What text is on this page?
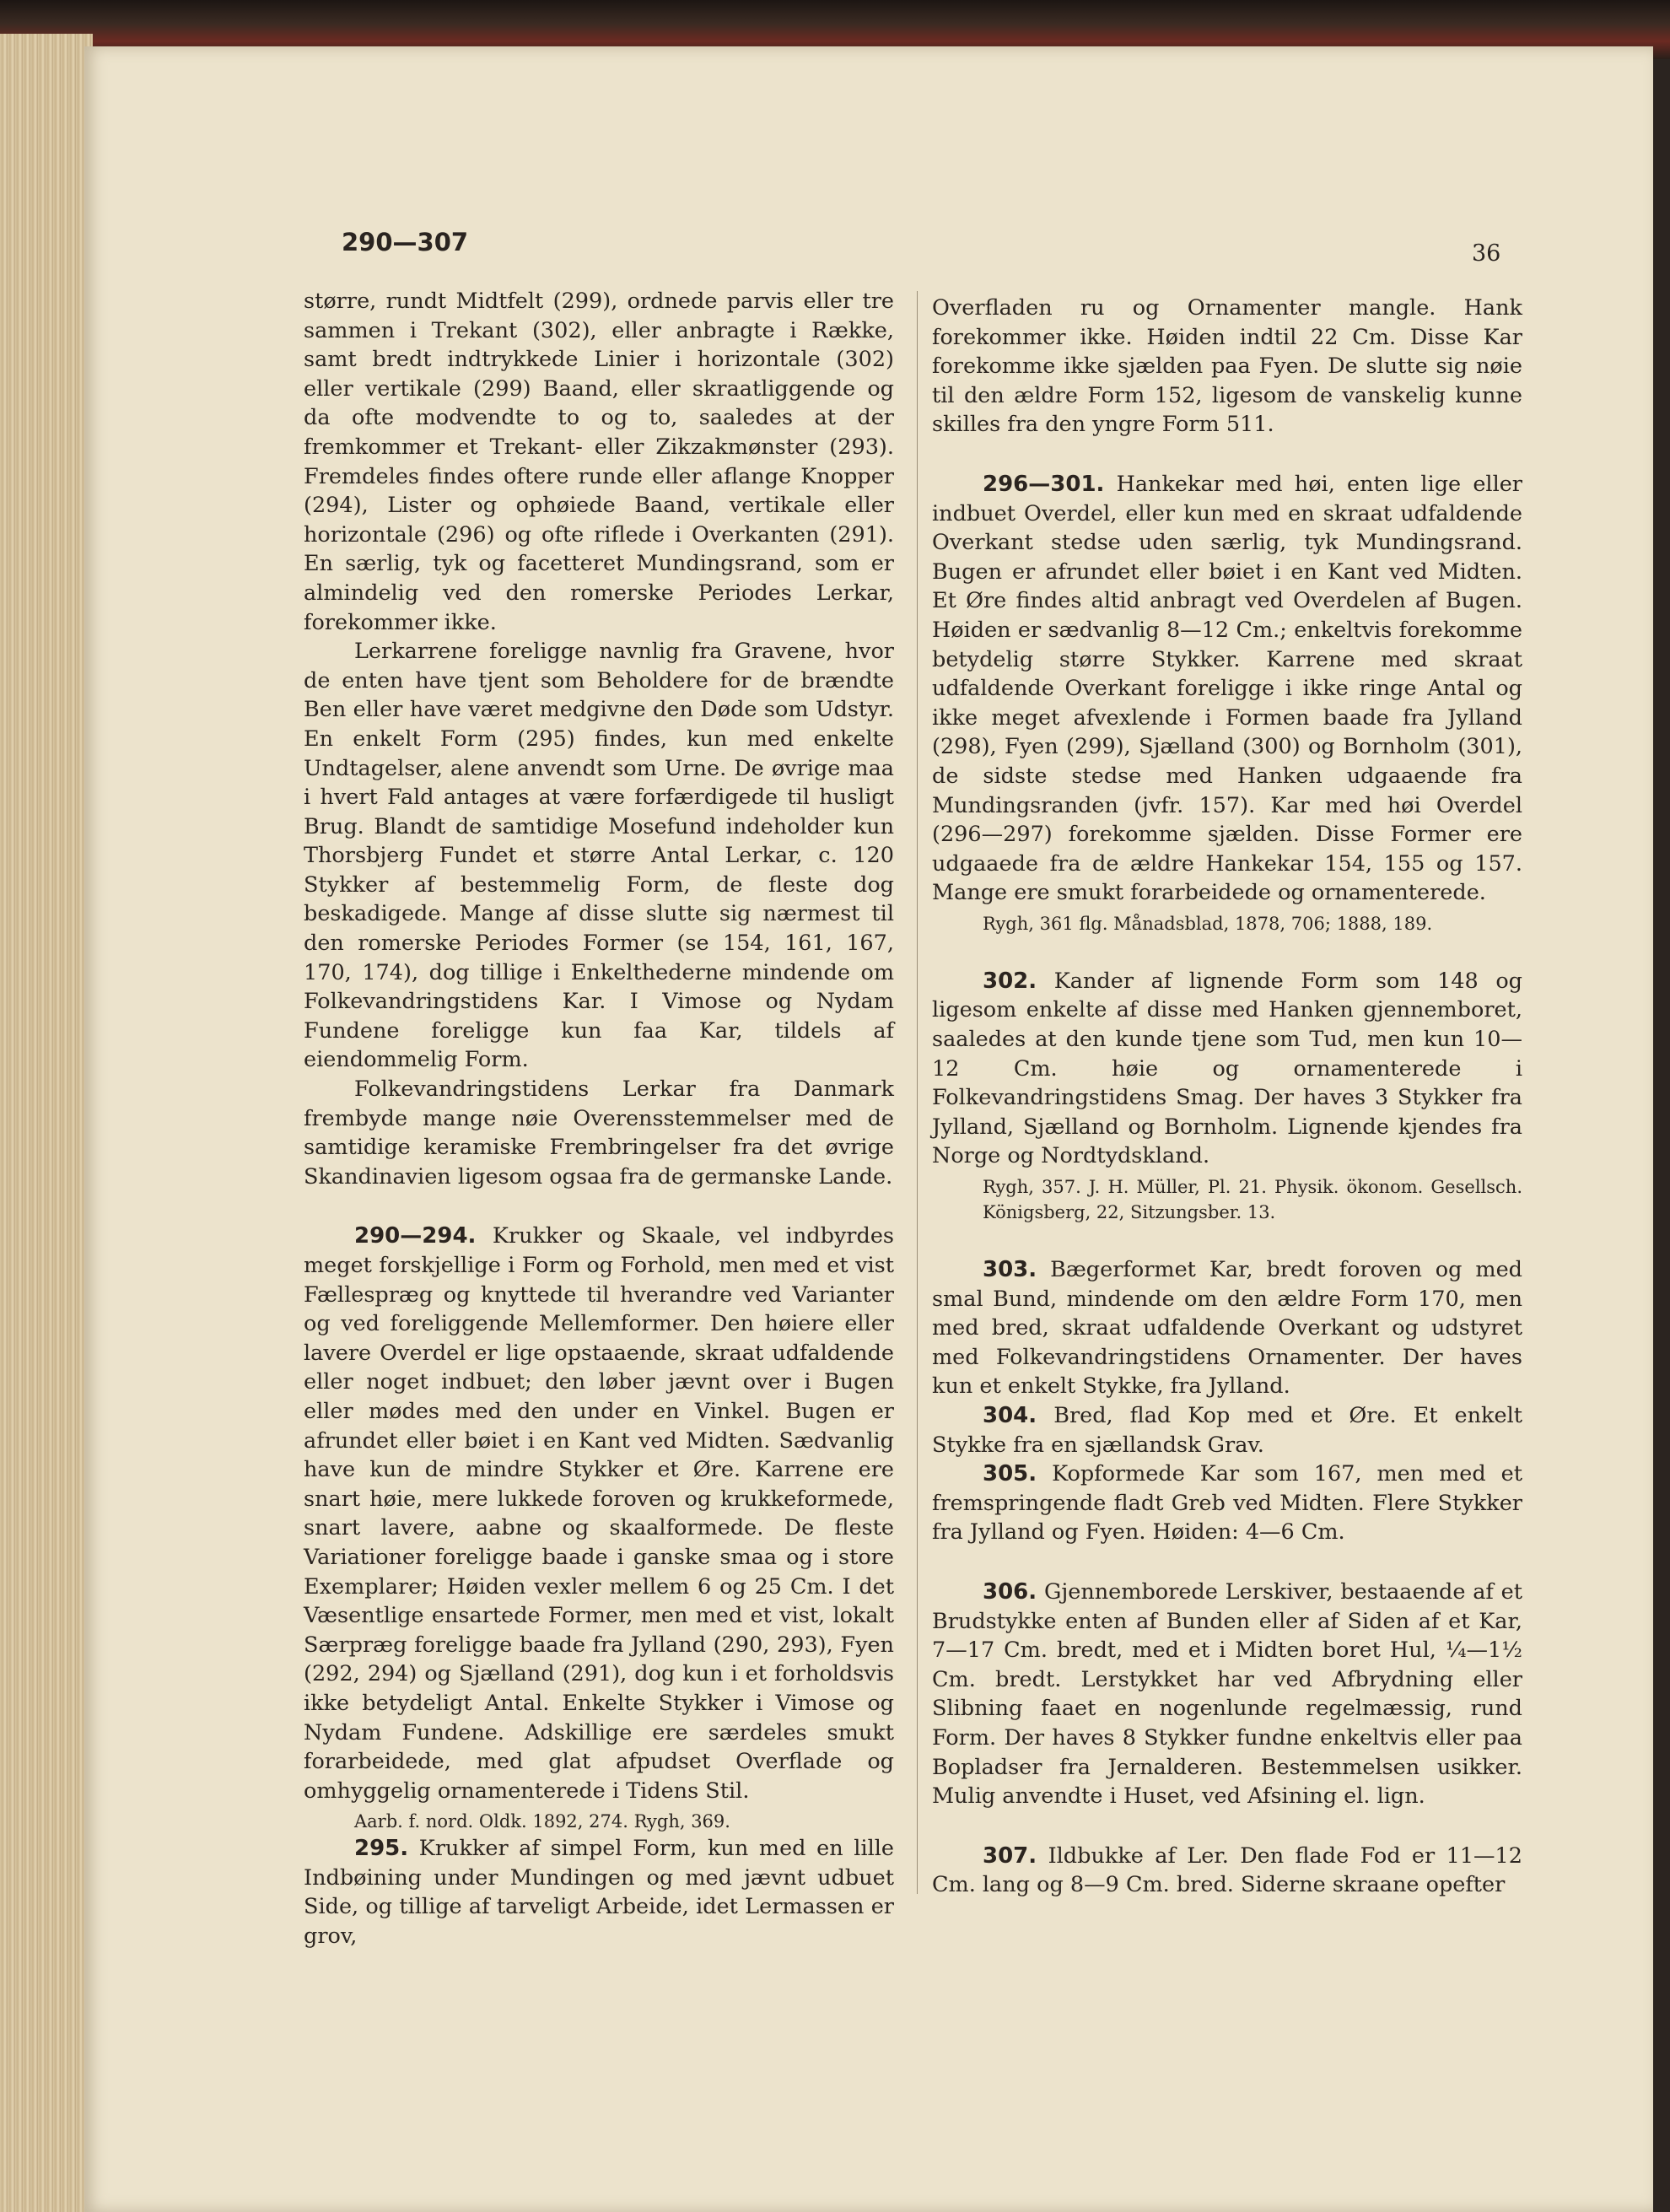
290—307	36

større, rundt Midtfelt (299), ordnede parvis eller tre sammen i Trekant (302), eller anbragte i Række, samt bredt indtrykkede Linier i horizontale (302) eller vertikale (299) Baand, eller skraatliggende og da ofte modvendte to og to, saaledes at der fremkommer et Trekant- eller Zikzakmønster (293). Fremdeles findes oftere runde eller aflange Knopper (294), Lister og ophøiede Baand, vertikale eller horizontale (296) og ofte riflede i Overkanten (291). En særlig, tyk og facetteret Mundingsrand, som er almindelig ved den romerske Periodes Lerkar, forekommer ikke.

Lerkarrene foreligge navnlig fra Gravene, hvor de enten have tjent som Beholdere for de brændte Ben eller have været medgivne den Døde som Udstyr. En enkelt Form (295) findes, kun med enkelte Undtagelser, alene anvendt som Urne. De øvrige maa i hvert Fald antages at være forfærdigede til husligt Brug. Blandt de samtidige Mosefund indeholder kun Thorsbjerg Fundet et større Antal Lerkar, c. 120 Stykker af bestemmelig Form, de fleste dog beskadigede. Mange af disse slutte sig nærmest til den romerske Periodes Former (se 154, 161, 167, 170, 174), dog tillige i Enkelthederne mindende om Folkevandringstidens Kar. I Vimose og Nydam Fundene foreligge kun faa Kar, tildels af eiendommelig Form.

Folkevandringstidens Lerkar fra Danmark frembyde mange nøie Overensstemmelser med de samtidige keramiske Frembringelser fra det øvrige Skandinavien ligesom ogsaa fra de germanske Lande.

290—294. Krukker og Skaale, vel indbyrdes meget forskjellige i Form og Forhold, men med et vist Fællespræg og knyttede til hverandre ved Varianter og ved foreliggende Mellemformer. Den høiere eller lavere Overdel er lige opstaaende, skraat udfaldende eller noget indbuet; den løber jævnt over i Bugen eller mødes med den under en Vinkel. Bugen er afrundet eller bøiet i en Kant ved Midten. Sædvanlig have kun de mindre Stykker et Øre. Karrene ere snart høie, mere lukkede foroven og krukkeformede, snart lavere, aabne og skaalformede. De fleste Variationer foreligge baade i ganske smaa og i store Exemplarer; Høiden vexler mellem 6 og 25 Cm. I det Væsentlige ensartede Former, men med et vist, lokalt Særpræg foreligge baade fra Jylland (290, 293), Fyen (292, 294) og Sjælland (291), dog kun i et forholdsvis ikke betydeligt Antal. Enkelte Stykker i Vimose og Nydam Fundene. Adskillige ere særdeles smukt forarbeidede, med glat afpudset Overflade og omhyggelig ornamenterede i Tidens Stil.

Aarb. f. nord. Oldk. 1892, 274. Rygh, 369.

295. Krukker af simpel Form, kun med en lille Indbøining under Mundingen og med jævnt udbuet Side, og tillige af tarveligt Arbeide, idet Lermassen er grov,

Overfladen ru og Ornamenter mangle. Hank forekommer ikke. Høiden indtil 22 Cm. Disse Kar forekomme ikke sjælden paa Fyen. De slutte sig nøie til den ældre Form 152, ligesom de vanskelig kunne skilles fra den yngre Form 511.

296—301. Hankekar med høi, enten lige eller indbuet Overdel, eller kun med en skraat udfaldende Overkant stedse uden særlig, tyk Mundingsrand. Bugen er afrundet eller bøiet i en Kant ved Midten. Et Øre findes altid anbragt ved Overdelen af Bugen. Høiden er sædvanlig 8—12 Cm.; enkeltvis forekomme betydelig større Stykker. Karrene med skraat udfaldende Overkant foreligge i ikke ringe Antal og ikke meget afvexlende i Formen baade fra Jylland (298), Fyen (299), Sjælland (300) og Bornholm (301), de sidste stedse med Hanken udgaaende fra Mundingsranden (jvfr. 157). Kar med høi Overdel (296—297) forekomme sjælden. Disse Former ere udgaaede fra de ældre Hankekar 154, 155 og 157. Mange ere smukt forarbeidede og ornamenterede.

Rygh, 361 flg. Månadsblad, 1878, 706; 1888, 189.

302. Kander af lignende Form som 148 og ligesom enkelte af disse med Hanken gjennemboret, saaledes at den kunde tjene som Tud, men kun 10—12 Cm. høie og ornamenterede i Folkevandringstidens Smag. Der haves 3 Stykker fra Jylland, Sjælland og Bornholm. Lignende kjendes fra Norge og Nordtydskland.

Rygh, 357. J. H. Müller, Pl. 21. Physik. ökonom. Gesellsch. Königsberg, 22, Sitzungsber. 13.

303. Bægerformet Kar, bredt foroven og med smal Bund, mindende om den ældre Form 170, men med bred, skraat udfaldende Overkant og udstyret med Folkevandringstidens Ornamenter. Der haves kun et enkelt Stykke, fra Jylland.

304. Bred, flad Kop med et Øre. Et enkelt Stykke fra en sjællandsk Grav.

305. Kopformede Kar som 167, men med et fremspringende fladt Greb ved Midten. Flere Stykker fra Jylland og Fyen. Høiden: 4—6 Cm.

306. Gjennemborede Lerskiver, bestaaende af et Brudstykke enten af Bunden eller af Siden af et Kar, 7—17 Cm. bredt, med et i Midten boret Hul, ¼—1½ Cm. bredt. Lerstykket har ved Afbrydning eller Slibning faaet en nogenlunde regelmæssig, rund Form. Der haves 8 Stykker fundne enkeltvis eller paa Bopladser fra Jernalderen. Bestemmelsen usikker. Mulig anvendte i Huset, ved Afsining el. lign.

307. Ildbukke af Ler. Den flade Fod er 11—12 Cm. lang og 8—9 Cm. bred. Siderne skraane opefter
